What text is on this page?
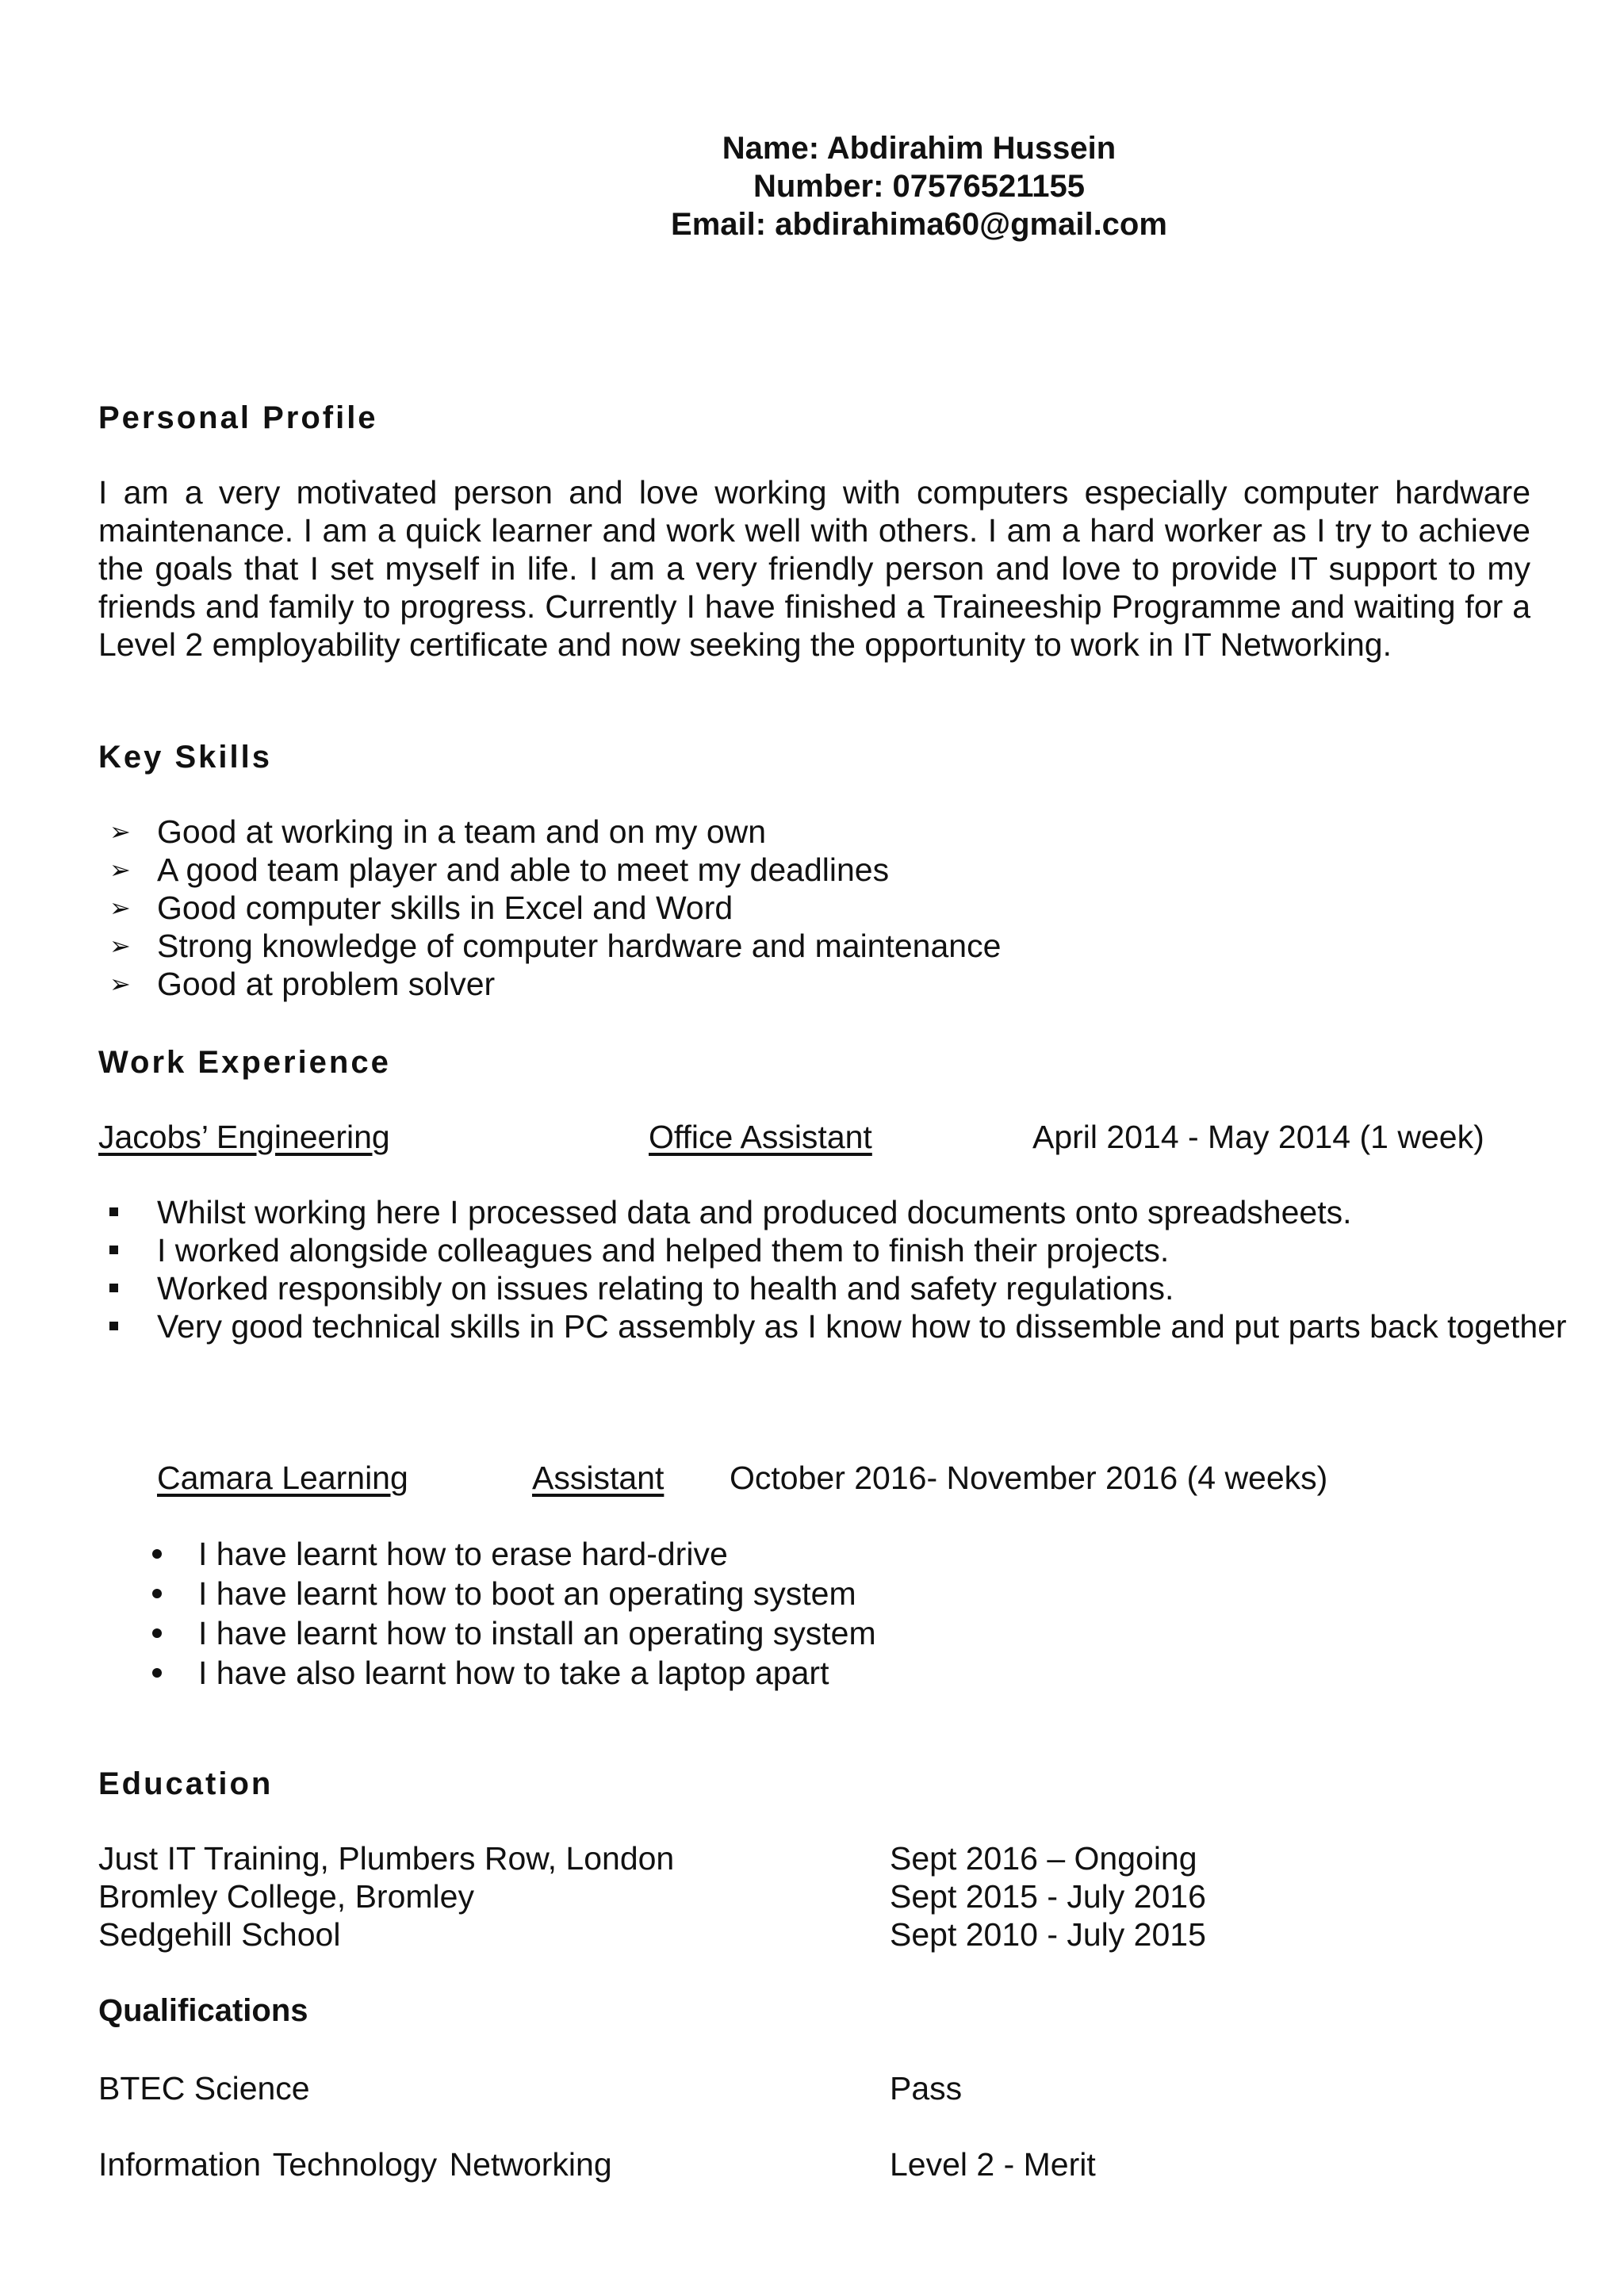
Name: Abdirahim Hussein
Number: 07576521155
Email: abdirahima60@gmail.com
Personal Profile
I am a very motivated person and love working with computers especially computer hardware maintenance. I am a quick learner and work well with others. I am a hard worker as I try to achieve the goals that I set myself in life. I am a very friendly person and love to provide IT support to my friends and family to progress. Currently I have finished a Traineeship Programme and waiting for a Level 2 employability certificate and now seeking the opportunity to work in IT Networking.
Key Skills
➢ Good at working in a team and on my own
➢ A good team player and able to meet my deadlines
➢ Good computer skills in Excel and Word
➢ Strong knowledge of computer hardware and maintenance
➢ Good at problem solver
Work Experience
Jacobs’ Engineering	Office Assistant	April 2014 - May 2014 (1 week)
Whilst working here I processed data and produced documents onto spreadsheets.
I worked alongside colleagues and helped them to finish their projects.
Worked responsibly on issues relating to health and safety regulations.
Very good technical skills in PC assembly as I know how to dissemble and put parts back together
Camara Learning	Assistant October 2016- November 2016 (4 weeks)
I have learnt how to erase hard-drive
I have learnt how to boot an operating system
I have learnt how to install an operating system
I have also learnt how to take a laptop apart
Education
Just IT Training, Plumbers Row, London	Sept 2016 – Ongoing
Bromley College, Bromley	Sept 2015 - July 2016
Sedgehill School	Sept 2010 - July 2015
Qualifications
BTEC Science	Pass
Information Technology Networking	Level 2 - Merit
